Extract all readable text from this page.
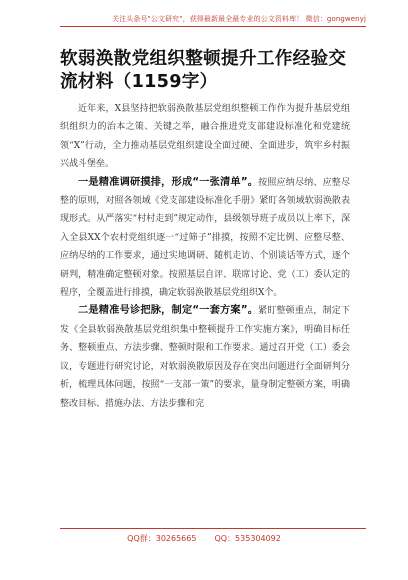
关注头条号"公文研究"，获得最新最全最专业的公文资料库！ 微信：gongwenyj
软弱涣散党组织整顿提升工作经验交流材料（1159字）

近年来，X县坚持把软弱涣散基层党组织整顿工作作为提升基层党组织组织力的治本之策、关键之举，融合推进党支部建设标准化和党建统领“X”行动，全力推动基层党组织建设全面过硬、全面进步，筑牢乡村振兴战斗堡垒。

一是精准调研摸排，形成“一张清单”。按照应纳尽纳、应整尽整的原则，对照各领域《党支部建设标准化手册》紧盯各领域软弱涣散表现形式。从严落实“村村走到”规定动作，县级领导班子成员以上率下，深入全县XX个农村党组织逐一“过筛子”排摸，按照不定比例、应整尽整、应纳尽纳的工作要求，通过实地调研、随机走访、个别谈话等方式，逐个研判，精准确定整顿对象。按照基层自评、联席讨论、党（工）委认定的程序，全覆盖进行排摸，确定软弱涣散基层党组织X个。

二是精准号诊把脉，制定“一套方案”。紧盯整顿重点，制定下发《全县软弱涣散基层党组织集中整顿提升工作实施方案》，明确目标任务、整顿重点、方法步骤、整顿时限和工作要求。通过召开党（工）委会议，专题进行研究讨论，对软弱涣散原因及存在突出问题进行全面研判分析，梳理具体问题，按照“一支部一策”的要求，量身制定整顿方案，明确整改目标、措施办法、方法步骤和完

QQ群：30265665 QQ：535304092
